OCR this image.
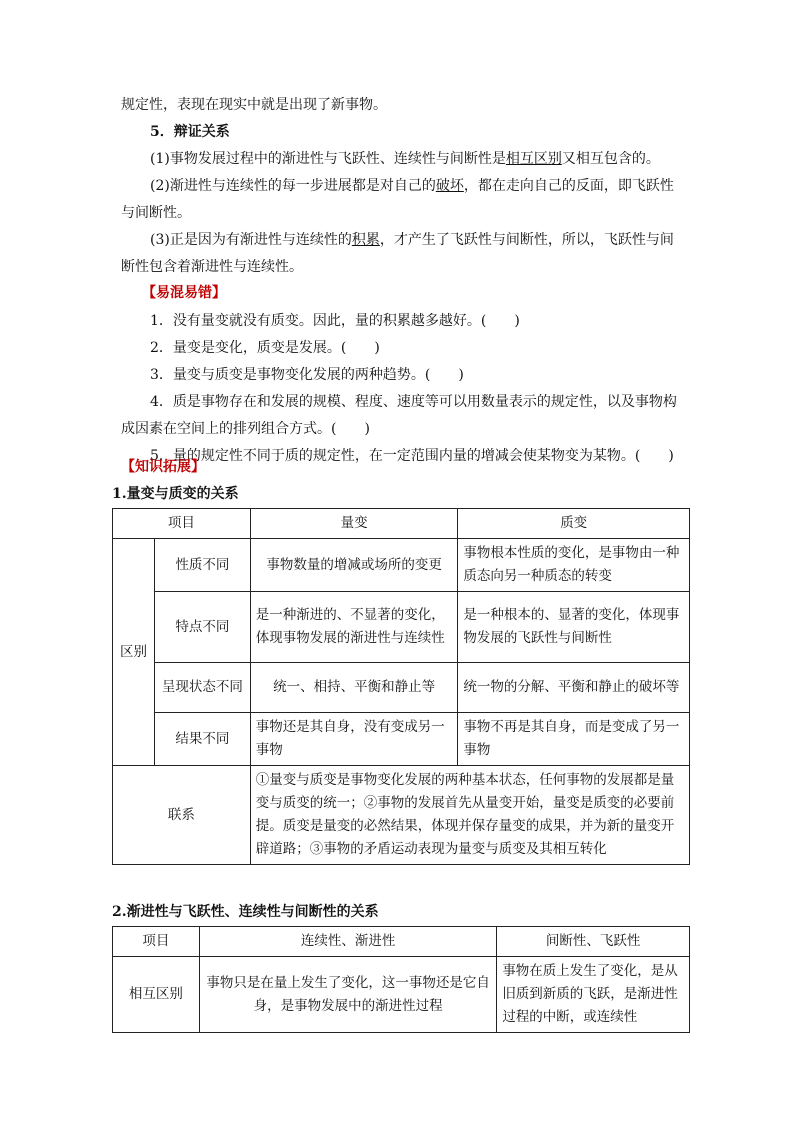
规定性，表现在现实中就是出现了新事物。
5．辩证关系
(1)事物发展过程中的渐进性与飞跃性、连续性与间断性是相互区别又相互包含的。
(2)渐进性与连续性的每一步进展都是对自己的破坏，都在走向自己的反面，即飞跃性
与间断性。
(3)正是因为有渐进性与连续性的积累，才产生了飞跃性与间断性，所以，飞跃性与间
断性包含着渐进性与连续性。
【易混易错】
1．没有量变就没有质变。因此，量的积累越多越好。(　　)
2．量变是变化，质变是发展。(　　)
3．量变与质变是事物变化发展的两种趋势。(　　)
4．质是事物存在和发展的规模、程度、速度等可以用数量表示的规定性，以及事物构
成因素在空间上的排列组合方式。(　　)
5．量的规定性不同于质的规定性，在一定范围内量的增减会使某物变为某物。(　　)
【知识拓展】
1.量变与质变的关系
项目		量变	质变
区别	性质不同	事物数量的增减或场所的变更	事物根本性质的变化，是事物由一种质态向另一种质态的转变
	特点不同	是一种渐进的、不显著的变化，体现事物发展的渐进性与连续性	是一种根本的、显著的变化，体现事物发展的飞跃性与间断性
	呈现状态不同	统一、相持、平衡和静止等	统一物的分解、平衡和静止的破坏等
	结果不同	事物还是其自身，没有变成另一事物	事物不再是其自身，而是变成了另一事物
联系		①量变与质变是事物变化发展的两种基本状态，任何事物的发展都是量变与质变的统一；②事物的发展首先从量变开始，量变是质变的必要前提。质变是量变的必然结果，体现并保存量变的成果，并为新的量变开辟道路；③事物的矛盾运动表现为量变与质变及其相互转化	
2.渐进性与飞跃性、连续性与间断性的关系
项目	连续性、渐进性	间断性、飞跃性
相互区别	事物只是在量上发生了变化，这一事物还是它自身，是事物发展中的渐进性过程	事物在质上发生了变化，是从旧质到新质的飞跃，是渐进性过程的中断，或连续性
